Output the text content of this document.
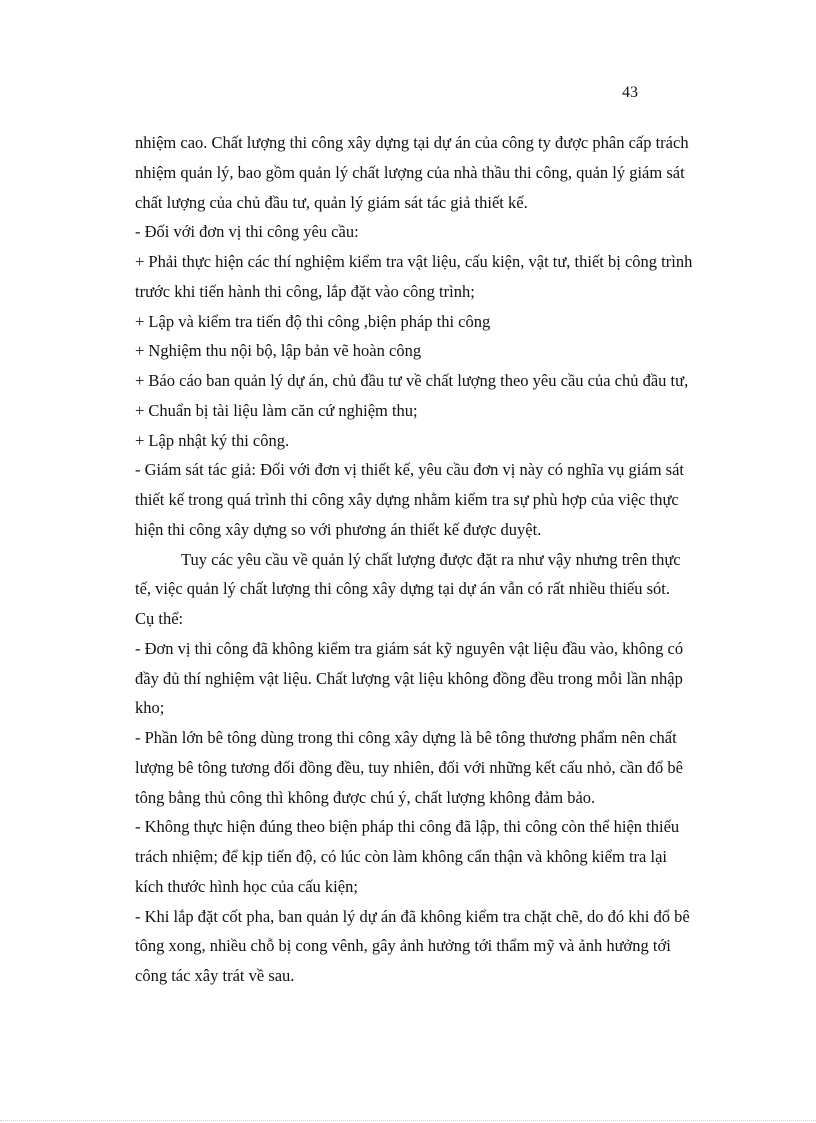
43
nhiệm cao. Chất lượng thi công xây dựng tại dự án của công ty được phân cấp trách
nhiệm quản lý, bao gồm quản lý chất lượng của nhà thầu thi công, quản lý giám sát
chất lượng của chủ đầu tư, quản lý giám sát tác giả thiết kế.
- Đối với đơn vị thi công yêu cầu:
+ Phải thực hiện các thí nghiệm kiểm tra vật liệu, cấu kiện, vật tư, thiết bị công trình
trước khi tiến hành thi công, lắp đặt vào công trình;
+ Lập và kiểm tra tiến độ thi công ,biện pháp thi công
+ Nghiệm thu nội bộ, lập bản vẽ hoàn công
+ Báo cáo ban quản lý dự án, chủ đầu tư về chất lượng theo yêu cầu của chủ đầu tư,
+ Chuẩn bị tài liệu làm căn cứ nghiệm thu;
+ Lập nhật ký thi công.
- Giám sát tác giả: Đối với đơn vị thiết kế, yêu cầu đơn vị này có nghĩa vụ giám sát
thiết kế trong quá trình thi công xây dựng nhằm kiểm tra sự phù hợp của việc thực
hiện thi công xây dựng so với phương án thiết kế được duyệt.
Tuy các yêu cầu về quản lý chất lượng được đặt ra như vậy nhưng trên thực
tế, việc quản lý chất lượng thi công xây dựng tại dự án vẫn có rất nhiều thiếu sót.
Cụ thể:
- Đơn vị thi công đã không kiểm tra giám sát kỹ nguyên vật liệu đầu vào, không có
đầy đủ thí nghiệm vật liệu. Chất lượng vật liệu không đồng đều trong mỗi lần nhập
kho;
- Phần lớn bê tông dùng trong thi công xây dựng là bê tông thương phẩm nên chất
lượng bê tông tương đối đồng đều, tuy nhiên, đối với những kết cấu nhỏ, cần đổ bê
tông bằng thủ công thì không được chú ý, chất lượng không đảm bảo.
- Không thực hiện đúng theo biện pháp thi công đã lập, thi công còn thể hiện thiếu
trách nhiệm; để kịp tiến độ, có lúc còn làm không cẩn thận và không kiểm tra lại
kích thước hình học của cấu kiện;
- Khi lắp đặt cốt pha, ban quản lý dự án đã không kiểm tra chặt chẽ, do đó khi đổ bê
tông xong, nhiều chỗ bị cong vênh, gây ảnh hưởng tới thẩm mỹ và ảnh hưởng tới
công tác xây trát về sau.
